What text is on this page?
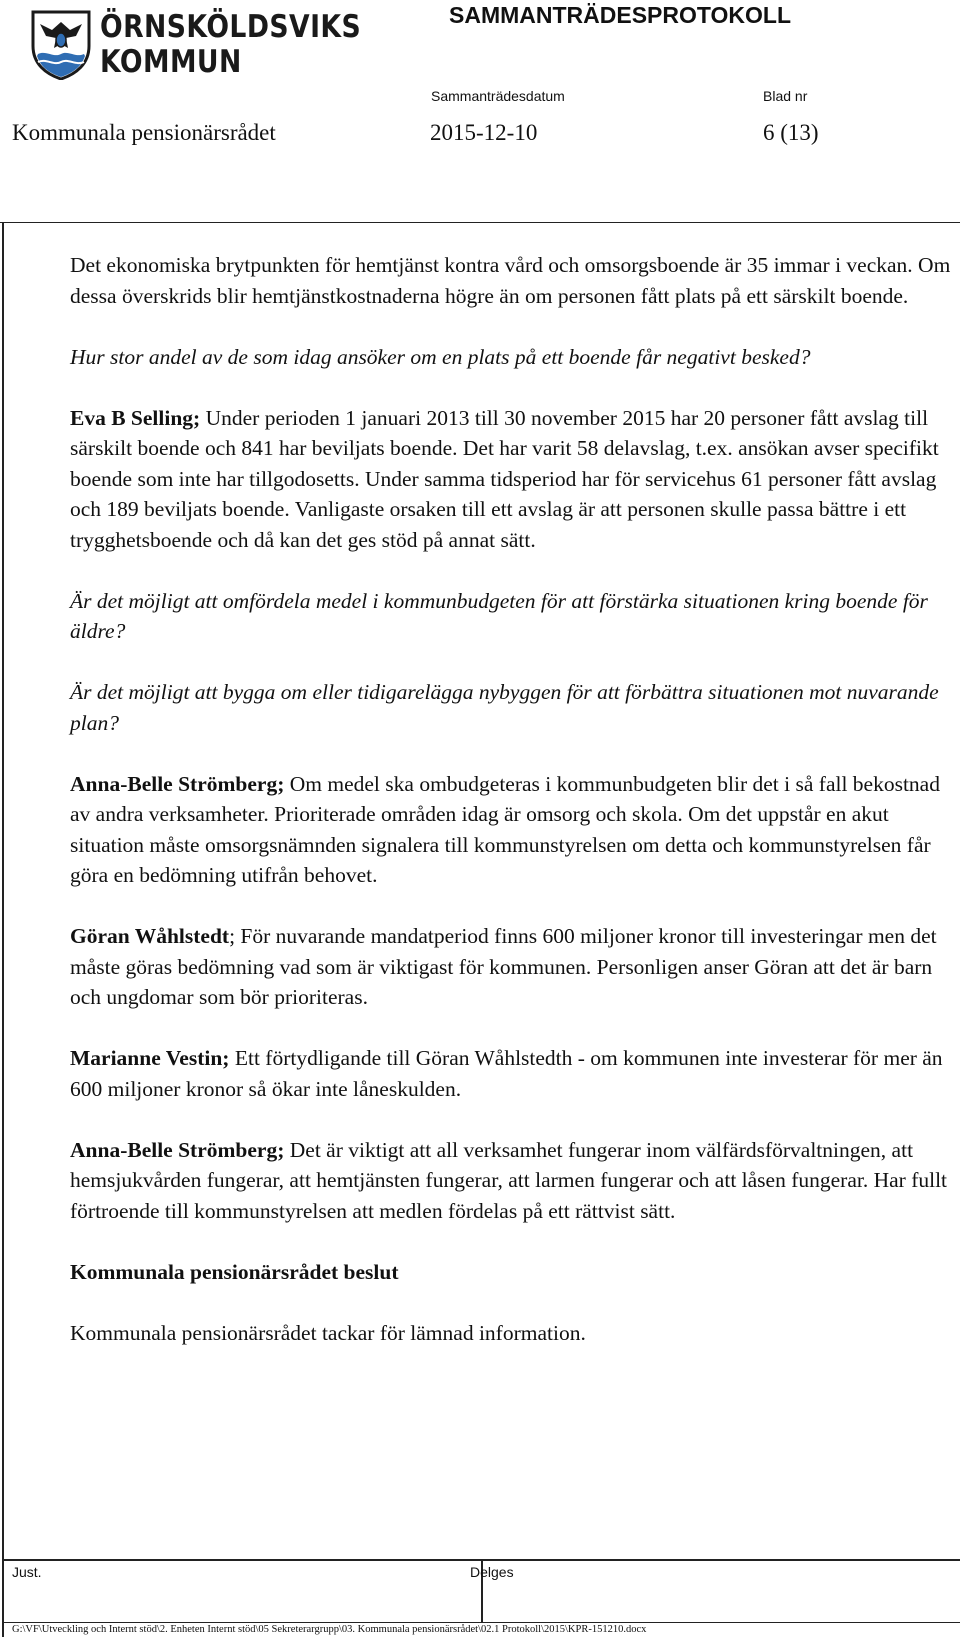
ÖRNSKÖLDSVIKS
KOMMUN
SAMMANTRÄDESPROTOKOLL
Sammanträdesdatum	Blad nr
Kommunala pensionärsrådet	2015-12-10	6 (13)

Det ekonomiska brytpunkten för hemtjänst kontra vård och omsorgsboende är 35 immar i veckan. Om dessa överskrids blir hemtjänstkostnaderna högre än om personen fått plats på ett särskilt boende.

Hur stor andel av de som idag ansöker om en plats på ett boende får negativt besked?

Eva B Selling; Under perioden 1 januari 2013 till 30 november 2015 har 20 personer fått avslag till särskilt boende och 841 har beviljats boende. Det har varit 58 delavslag, t.ex. ansökan avser specifikt boende som inte har tillgodosetts. Under samma tidsperiod har för servicehus 61 personer fått avslag och 189 beviljats boende. Vanligaste orsaken till ett avslag är att personen skulle passa bättre i ett trygghetsboende och då kan det ges stöd på annat sätt.

Är det möjligt att omfördela medel i kommunbudgeten för att förstärka situationen kring boende för äldre?

Är det möjligt att bygga om eller tidigarelägga nybyggen för att förbättra situationen mot nuvarande plan?

Anna-Belle Strömberg; Om medel ska ombudgeteras i kommunbudgeten blir det i så fall bekostnad av andra verksamheter. Prioriterade områden idag är omsorg och skola. Om det uppstår en akut situation måste omsorgsnämnden signalera till kommunstyrelsen om detta och kommunstyrelsen får göra en bedömning utifrån behovet.

Göran Wåhlstedt; För nuvarande mandatperiod finns 600 miljoner kronor till investeringar men det måste göras bedömning vad som är viktigast för kommunen. Personligen anser Göran att det är barn och ungdomar som bör prioriteras.

Marianne Vestin; Ett förtydligande till Göran Wåhlstedth - om kommunen inte investerar för mer än 600 miljoner kronor så ökar inte låneskulden.

Anna-Belle Strömberg; Det är viktigt att all verksamhet fungerar inom välfärdsförvaltningen, att hemsjukvården fungerar, att hemtjänsten fungerar, att larmen fungerar och att låsen fungerar. Har fullt förtroende till kommunstyrelsen att medlen fördelas på ett rättvist sätt.

Kommunala pensionärsrådet beslut

Kommunala pensionärsrådet tackar för lämnad information.

Just.	Delges
G:\VF\Utveckling och Internt stöd\2. Enheten Internt stöd\05 Sekreterargrupp\03. Kommunala pensionärsrådet\02.1 Protokoll\2015\KPR-151210.docx
